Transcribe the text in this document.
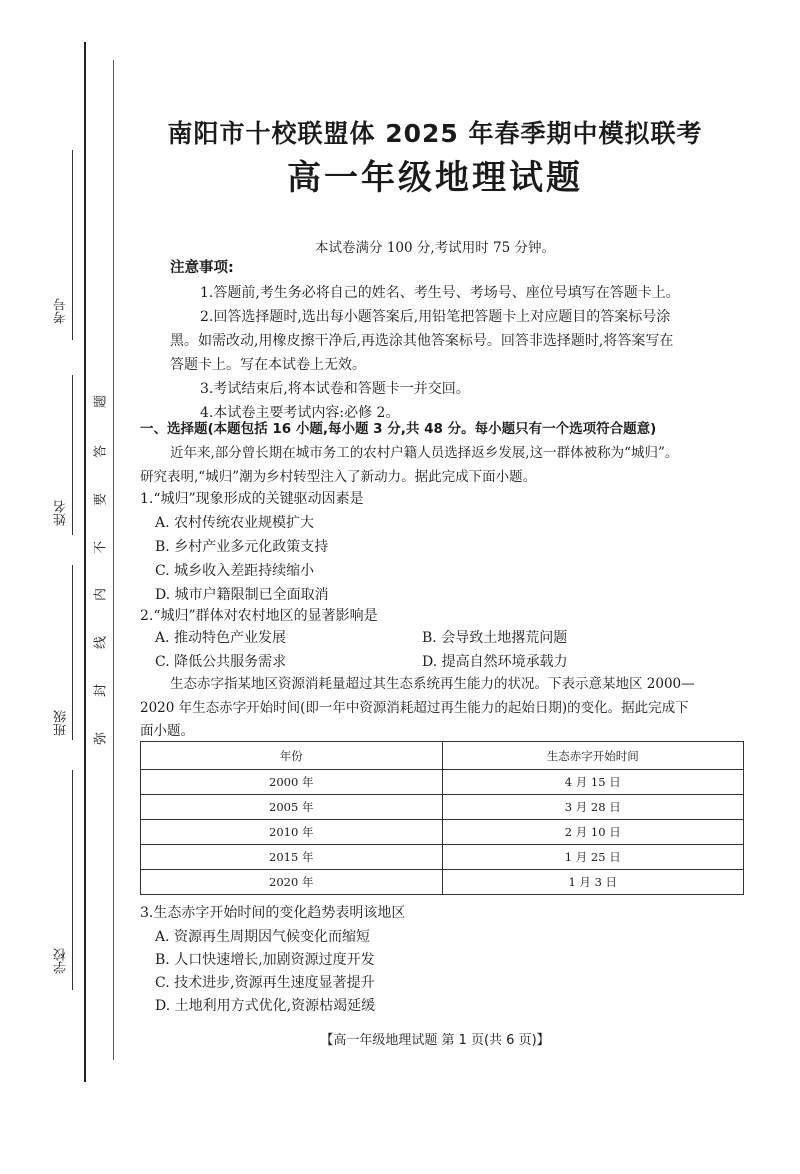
考号
姓名
班级
学校
题
答
要
不
内
线
封
弥
南阳市十校联盟体 2025 年春季期中模拟联考
高一年级地理试题
本试卷满分 100 分,考试用时 75 分钟。
注意事项:
1.答题前,考生务必将自己的姓名、考生号、考场号、座位号填写在答题卡上。
2.回答选择题时,选出每小题答案后,用铅笔把答题卡上对应题目的答案标号涂
黑。如需改动,用橡皮擦干净后,再选涂其他答案标号。回答非选择题时,将答案写在
答题卡上。写在本试卷上无效。
3.考试结束后,将本试卷和答题卡一并交回。
4.本试卷主要考试内容:必修 2。
一、选择题(本题包括 16 小题,每小题 3 分,共 48 分。每小题只有一个选项符合题意)
近年来,部分曾长期在城市务工的农村户籍人员选择返乡发展,这一群体被称为“城归”。
研究表明,“城归”潮为乡村转型注入了新动力。据此完成下面小题。
1.“城归”现象形成的关键驱动因素是
A. 农村传统农业规模扩大
B. 乡村产业多元化政策支持
C. 城乡收入差距持续缩小
D. 城市户籍限制已全面取消
2.“城归”群体对农村地区的显著影响是
A. 推动特色产业发展	B. 会导致土地撂荒问题
C. 降低公共服务需求	D. 提高自然环境承载力
生态赤字指某地区资源消耗量超过其生态系统再生能力的状况。下表示意某地区 2000—
2020 年生态赤字开始时间(即一年中资源消耗超过再生能力的起始日期)的变化。据此完成下
面小题。
年份	生态赤字开始时间
2000 年	4 月 15 日
2005 年	3 月 28 日
2010 年	2 月 10 日
2015 年	1 月 25 日
2020 年	1 月 3 日
3.生态赤字开始时间的变化趋势表明该地区
A. 资源再生周期因气候变化而缩短
B. 人口快速增长,加剧资源过度开发
C. 技术进步,资源再生速度显著提升
D. 土地利用方式优化,资源枯竭延缓
【高一年级地理试题 第 1 页(共 6 页)】
